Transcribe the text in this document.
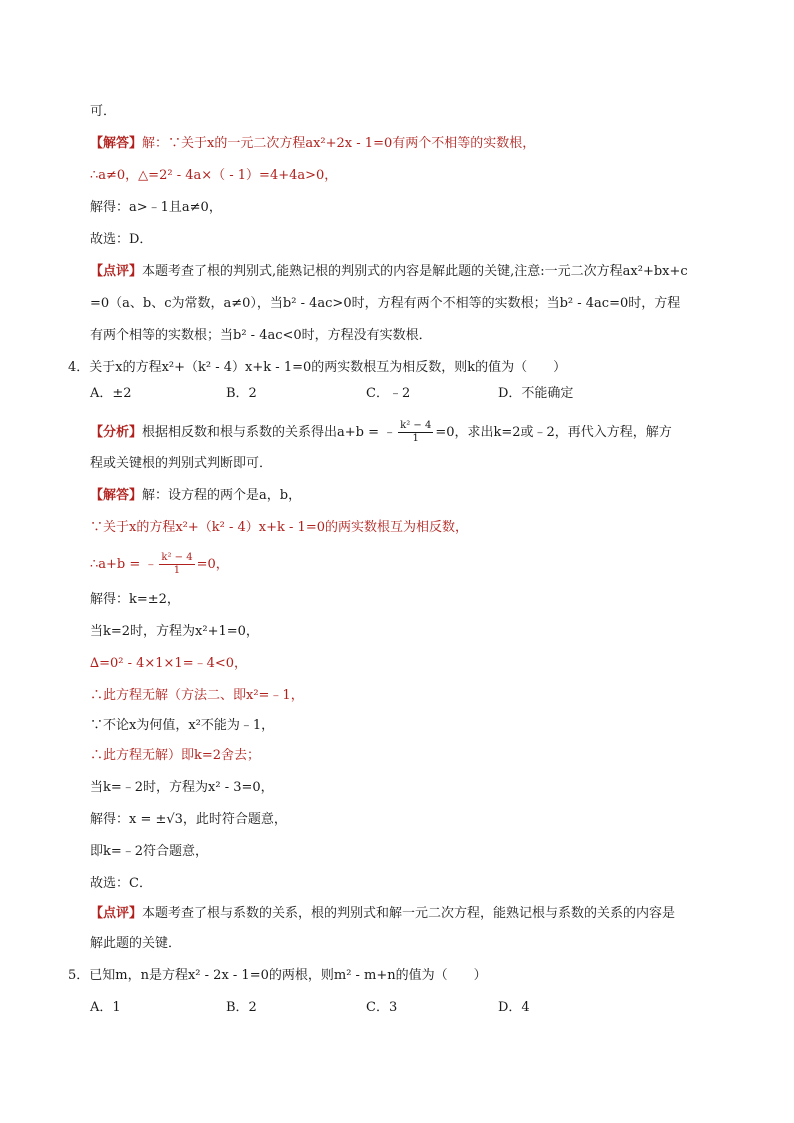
可．
【解答】解：∵关于x的一元二次方程ax²+2x - 1=0有两个不相等的实数根，
∴a≠0，△=2² - 4a×（ - 1）=4+4a>0，
解得：a>﹣1且a≠0，
故选：D．
【点评】本题考查了根的判别式,能熟记根的判别式的内容是解此题的关键,注意:一元二次方程ax²+bx+c
=0（a、b、c为常数，a≠0），当b² - 4ac>0时，方程有两个不相等的实数根；当b² - 4ac=0时，方程
有两个相等的实数根；当b² - 4ac<0时，方程没有实数根．
4．关于x的方程x²+（k² - 4）x+k - 1=0的两实数根互为相反数，则k的值为（　　）
A．±2	B．2	C．﹣2	D．不能确定
【分析】根据相反数和根与系数的关系得出a+b = ﹣ $\frac{\text{k² − 4}}{1} =0$，求出k=2或﹣2，再代入方程，解方
程或关键根的判别式判断即可．
【解答】解：设方程的两个是a，b，
∵关于x的方程x²+（k² - 4）x+k - 1=0的两实数根互为相反数，
∴a+b = ﹣ $\frac{\text{k² − 4}}{1} =0$，
解得：k=±2，
当k=2时，方程为x²+1=0，
∆=0² - 4×1×1=﹣4<0，
∴此方程无解（方法二、即x²=﹣1，
∵不论x为何值，x²不能为﹣1，
∴此方程无解）即k=2舍去；
当k=﹣2时，方程为x² - 3=0，
解得：x = ±√3，此时符合题意，
即k=﹣2符合题意，
故选：C．
【点评】本题考查了根与系数的关系，根的判别式和解一元二次方程，能熟记根与系数的关系的内容是
解此题的关键．
5．已知m，n是方程x² - 2x - 1=0的两根，则m² - m+n的值为（　　）
A．1	B．2	C．3	D．4
